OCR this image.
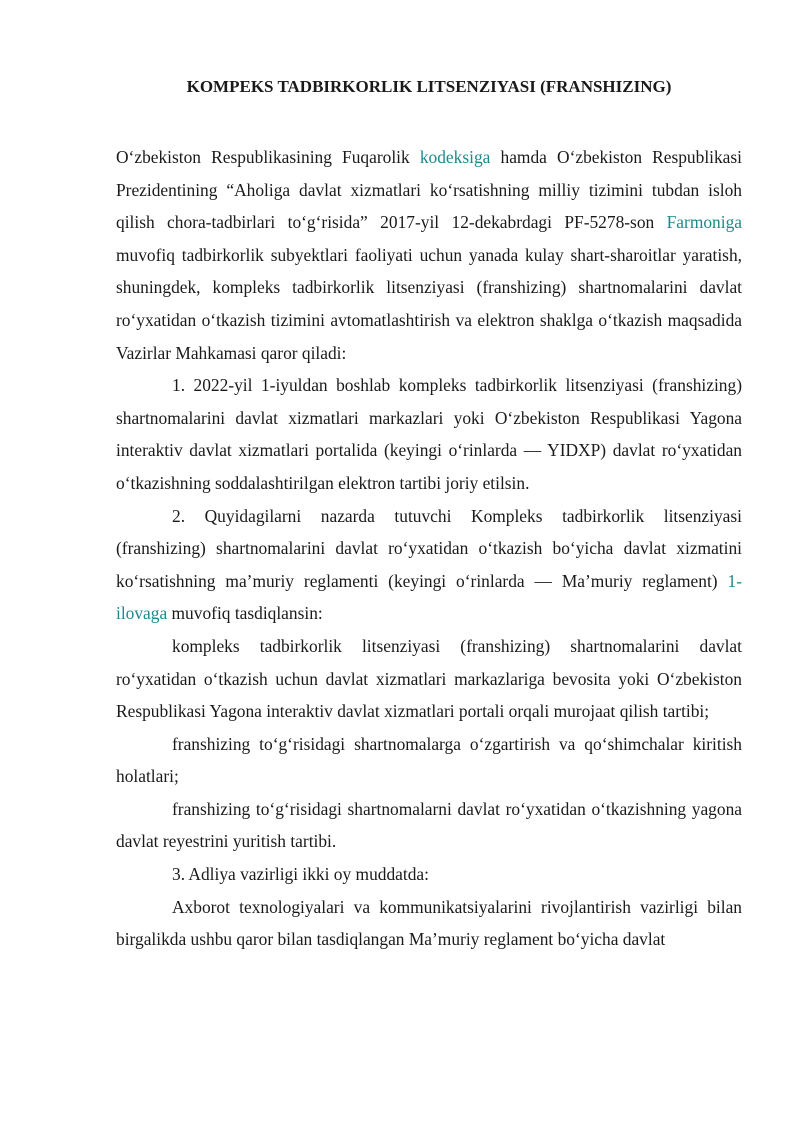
KOMPEKS TADBIRKORLIK LITSENZIYASI (FRANSHIZING)

O‘zbekiston Respublikasining Fuqarolik kodeksiga hamda O‘zbekiston Respublikasi Prezidentining “Aholiga davlat xizmatlari ko‘rsatishning milliy tizimini tubdan isloh qilish chora-tadbirlari to‘g‘risida” 2017-yil 12-dekabrdagi PF-5278-son Farmoniga muvofiq tadbirkorlik subyektlari faoliyati uchun yanada kulay shart-sharoitlar yaratish, shuningdek, kompleks tadbirkorlik litsenziyasi (franshizing) shartnomalarini davlat ro‘yxatidan o‘tkazish tizimini avtomatlashtirish va elektron shaklga o‘tkazish maqsadida Vazirlar Mahkamasi qaror qiladi:

1. 2022-yil 1-iyuldan boshlab kompleks tadbirkorlik litsenziyasi (franshizing) shartnomalarini davlat xizmatlari markazlari yoki O‘zbekiston Respublikasi Yagona interaktiv davlat xizmatlari portalida (keyingi o‘rinlarda — YIDXP) davlat ro‘yxatidan o‘tkazishning soddalashtirilgan elektron tartibi joriy etilsin.

2. Quyidagilarni nazarda tutuvchi Kompleks tadbirkorlik litsenziyasi (franshizing) shartnomalarini davlat ro‘yxatidan o‘tkazish bo‘yicha davlat xizmatini ko‘rsatishning ma’muriy reglamenti (keyingi o‘rinlarda — Ma’muriy reglament) 1-ilovaga muvofiq tasdiqlansin:

kompleks tadbirkorlik litsenziyasi (franshizing) shartnomalarini davlat ro‘yxatidan o‘tkazish uchun davlat xizmatlari markazlariga bevosita yoki O‘zbekiston Respublikasi Yagona interaktiv davlat xizmatlari portali orqali murojaat qilish tartibi;

franshizing to‘g‘risidagi shartnomalarga o‘zgartirish va qo‘shimchalar kiritish holatlari;

franshizing to‘g‘risidagi shartnomalarni davlat ro‘yxatidan o‘tkazishning yagona davlat reyestrini yuritish tartibi.

3. Adliya vazirligi ikki oy muddatda:

Axborot texnologiyalari va kommunikatsiyalarini rivojlantirish vazirligi bilan birgalikda ushbu qaror bilan tasdiqlangan Ma’muriy reglament bo‘yicha davlat
